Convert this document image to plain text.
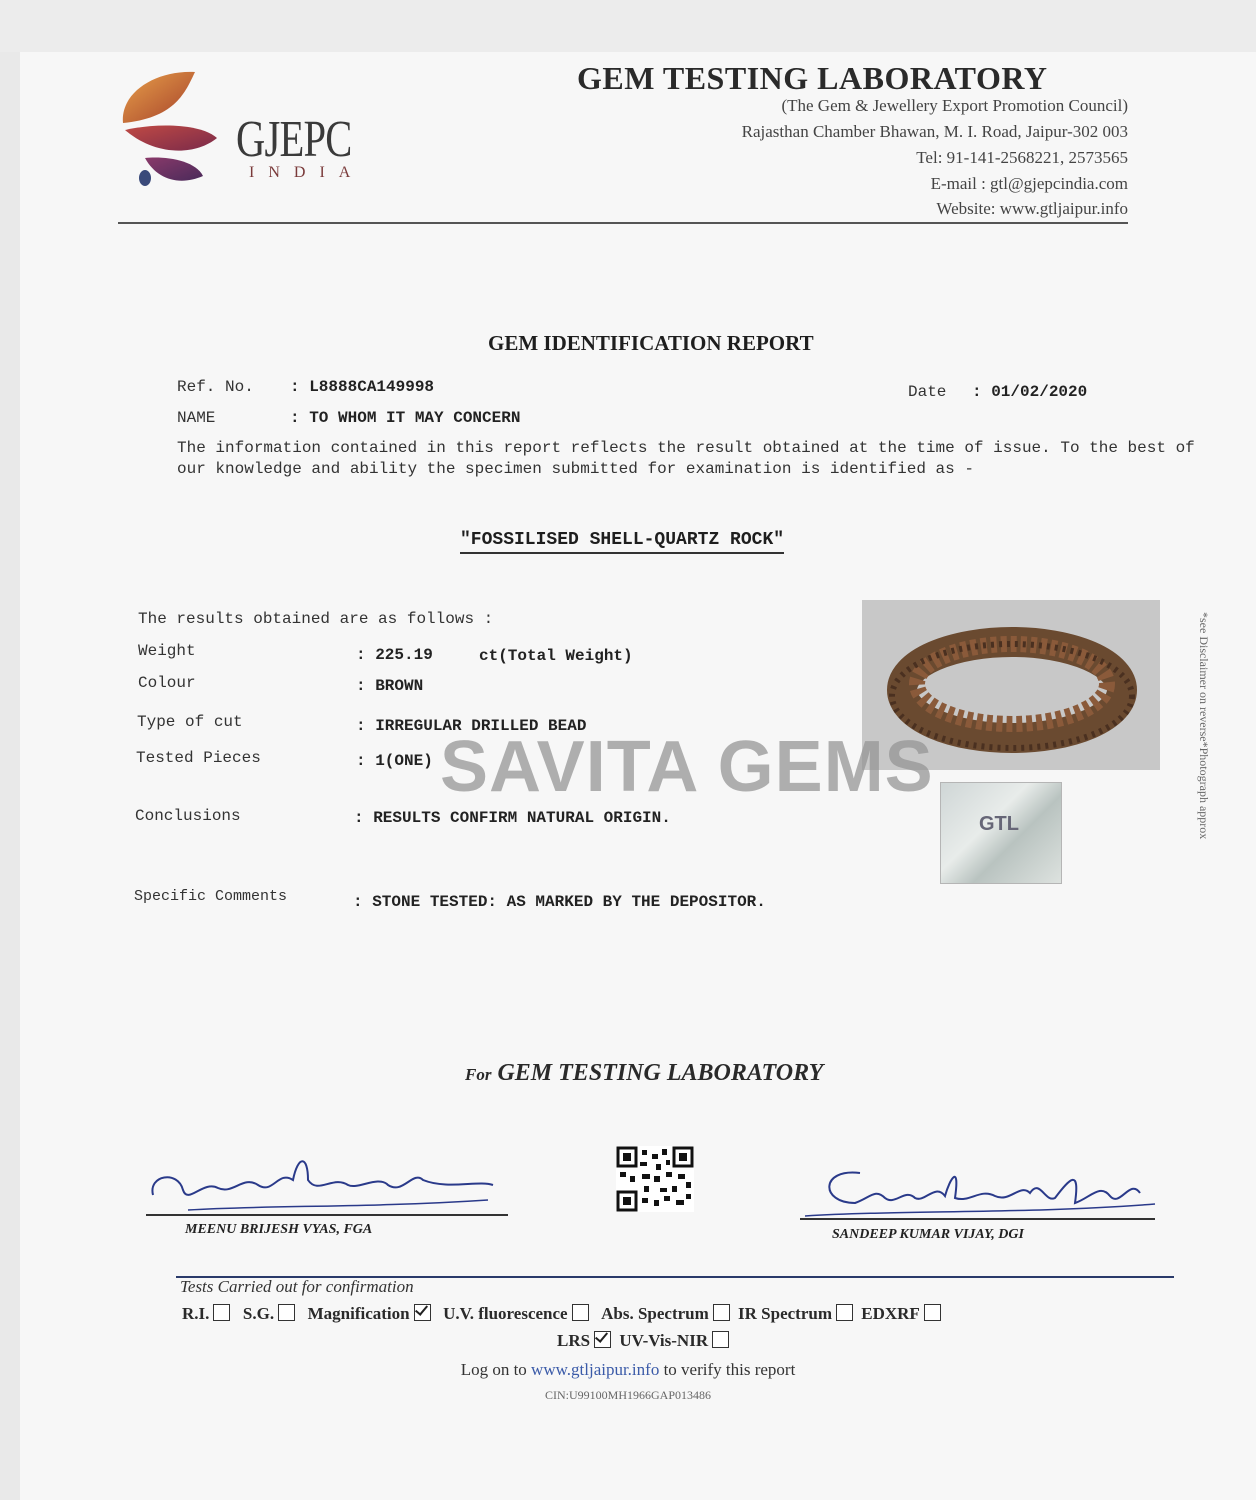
GJEPC
INDIA
GEM TESTING LABORATORY
(The Gem & Jewellery Export Promotion Council)
Rajasthan Chamber Bhawan, M. I. Road, Jaipur-302 003
Tel: 91-141-2568221, 2573565
E-mail : gtl@gjepcindia.com
Website: www.gtljaipur.info
GEM IDENTIFICATION REPORT
Ref. No. : L8888CA149998	Date : 01/02/2020
NAME	: TO WHOM IT MAY CONCERN
The information contained in this report reflects the result obtained at the time of issue. To the best of our knowledge and ability the specimen submitted for examination is identified as -
"FOSSILISED SHELL-QUARTZ ROCK"
The results obtained are as follows :
Weight	: 225.19	ct(Total Weight)
Colour	: BROWN
Type of cut	: IRREGULAR DRILLED BEAD
Tested Pieces	: 1(ONE)
Conclusions	: RESULTS CONFIRM NATURAL ORIGIN.
Specific Comments	: STONE TESTED: AS MARKED BY THE DEPOSITOR.
GTL	*see Disclaimer on reverse*Photograph approx
SAVITA GEMS
For GEM TESTING LABORATORY
MEENU BRIJESH VYAS, FGA	SANDEEP KUMAR VIJAY, DGI
Tests Carried out for confirmation
R.I. S.G. Magnification U.V. fluorescence Abs. Spectrum IR Spectrum EDXRF
LRS UV-Vis-NIR
Log on to www.gtljaipur.info to verify this report
CIN:U99100MH1966GAP013486
